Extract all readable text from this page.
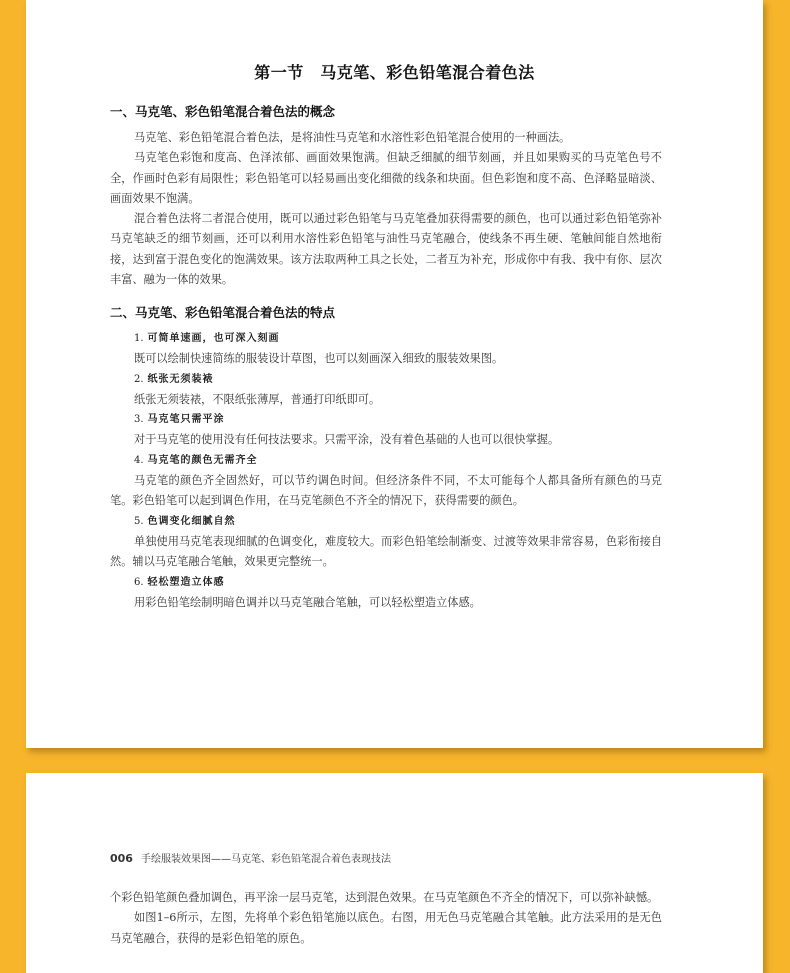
第一节　马克笔、彩色铅笔混合着色法
一、马克笔、彩色铅笔混合着色法的概念

马克笔、彩色铅笔混合着色法，是将油性马克笔和水溶性彩色铅笔混合使用的一种画法。

马克笔色彩饱和度高、色泽浓郁、画面效果饱满。但缺乏细腻的细节刻画，并且如果购买的马克笔色号不全，作画时色彩有局限性；彩色铅笔可以轻易画出变化细微的线条和块面。但色彩饱和度不高、色泽略显暗淡、画面效果不饱满。

混合着色法将二者混合使用，既可以通过彩色铅笔与马克笔叠加获得需要的颜色，也可以通过彩色铅笔弥补马克笔缺乏的细节刻画，还可以利用水溶性彩色铅笔与油性马克笔融合，使线条不再生硬、笔触间能自然地衔接，达到富于混色变化的饱满效果。该方法取两种工具之长处，二者互为补充，形成你中有我、我中有你、层次丰富、融为一体的效果。

二、马克笔、彩色铅笔混合着色法的特点

1. 可简单速画，也可深入刻画

既可以绘制快速简练的服装设计草图，也可以刻画深入细致的服装效果图。

2. 纸张无须装裱

纸张无须装裱，不限纸张薄厚，普通打印纸即可。

3. 马克笔只需平涂

对于马克笔的使用没有任何技法要求。只需平涂，没有着色基础的人也可以很快掌握。

4. 马克笔的颜色无需齐全

马克笔的颜色齐全固然好，可以节约调色时间。但经济条件不同，不太可能每个人都具备所有颜色的马克笔。彩色铅笔可以起到调色作用，在马克笔颜色不齐全的情况下，获得需要的颜色。

5. 色调变化细腻自然

单独使用马克笔表现细腻的色调变化，难度较大。而彩色铅笔绘制渐变、过渡等效果非常容易，色彩衔接自然。辅以马克笔融合笔触，效果更完整统一。

6. 轻松塑造立体感

用彩色铅笔绘制明暗色调并以马克笔融合笔触，可以轻松塑造立体感。

006 手绘服装效果图——马克笔、彩色铅笔混合着色表现技法

个彩色铅笔颜色叠加调色，再平涂一层马克笔，达到混色效果。在马克笔颜色不齐全的情况下，可以弥补缺憾。

如图1–6所示，左图，先将单个彩色铅笔施以底色。右图，用无色马克笔融合其笔触。此方法采用的是无色马克笔融合，获得的是彩色铅笔的原色。
